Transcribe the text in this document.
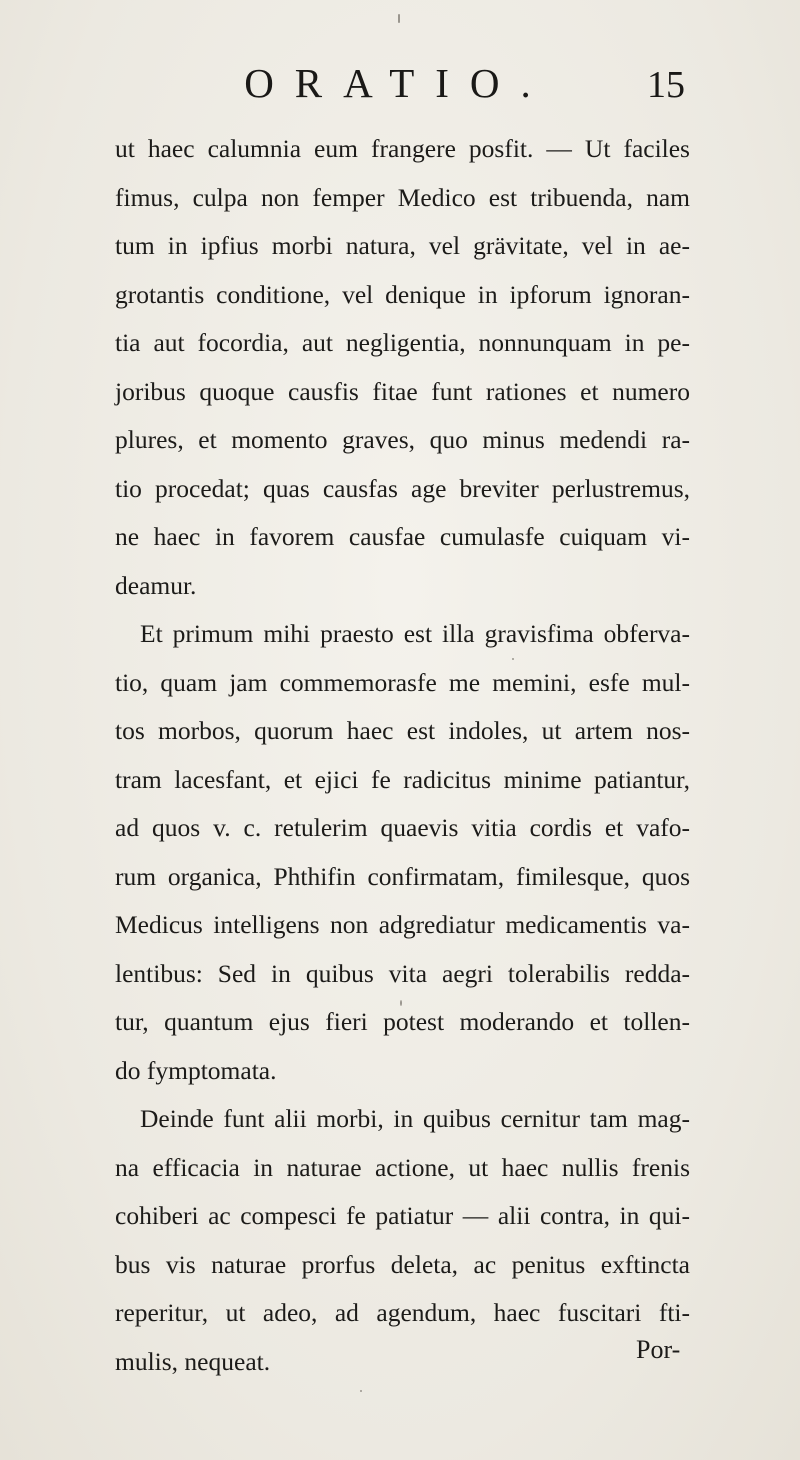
ORATIO.	15
ut haec calumnia eum frangere posfit. — Ut faciles
fimus, culpa non femper Medico est tribuenda, nam
tum in ipfius morbi natura, vel grävitate, vel in ae-
grotantis conditione, vel denique in ipforum ignoran-
tia aut focordia, aut negligentia, nonnunquam in pe-
joribus quoque causfis fitae funt rationes et numero
plures, et momento graves, quo minus medendi ra-
tio procedat; quas causfas age breviter perlustremus,
ne haec in favorem causfae cumulasfe cuiquam vi-
deamur.
Et primum mihi praesto est illa gravisfima obferva-
tio, quam jam commemorasfe me memini, esfe mul-
tos morbos, quorum haec est indoles, ut artem nos-
tram lacesfant, et ejici fe radicitus minime patiantur,
ad quos v. c. retulerim quaevis vitia cordis et vafo-
rum organica, Phthifin confirmatam, fimilesque, quos
Medicus intelligens non adgrediatur medicamentis va-
lentibus: Sed in quibus vita aegri tolerabilis redda-
tur, quantum ejus fieri potest moderando et tollen-
do fymptomata.
Deinde funt alii morbi, in quibus cernitur tam mag-
na efficacia in naturae actione, ut haec nullis frenis
cohiberi ac compesci fe patiatur — alii contra, in qui-
bus vis naturae prorfus deleta, ac penitus exftincta
reperitur, ut adeo, ad agendum, haec fuscitari fti-
mulis, nequeat.	Por-
